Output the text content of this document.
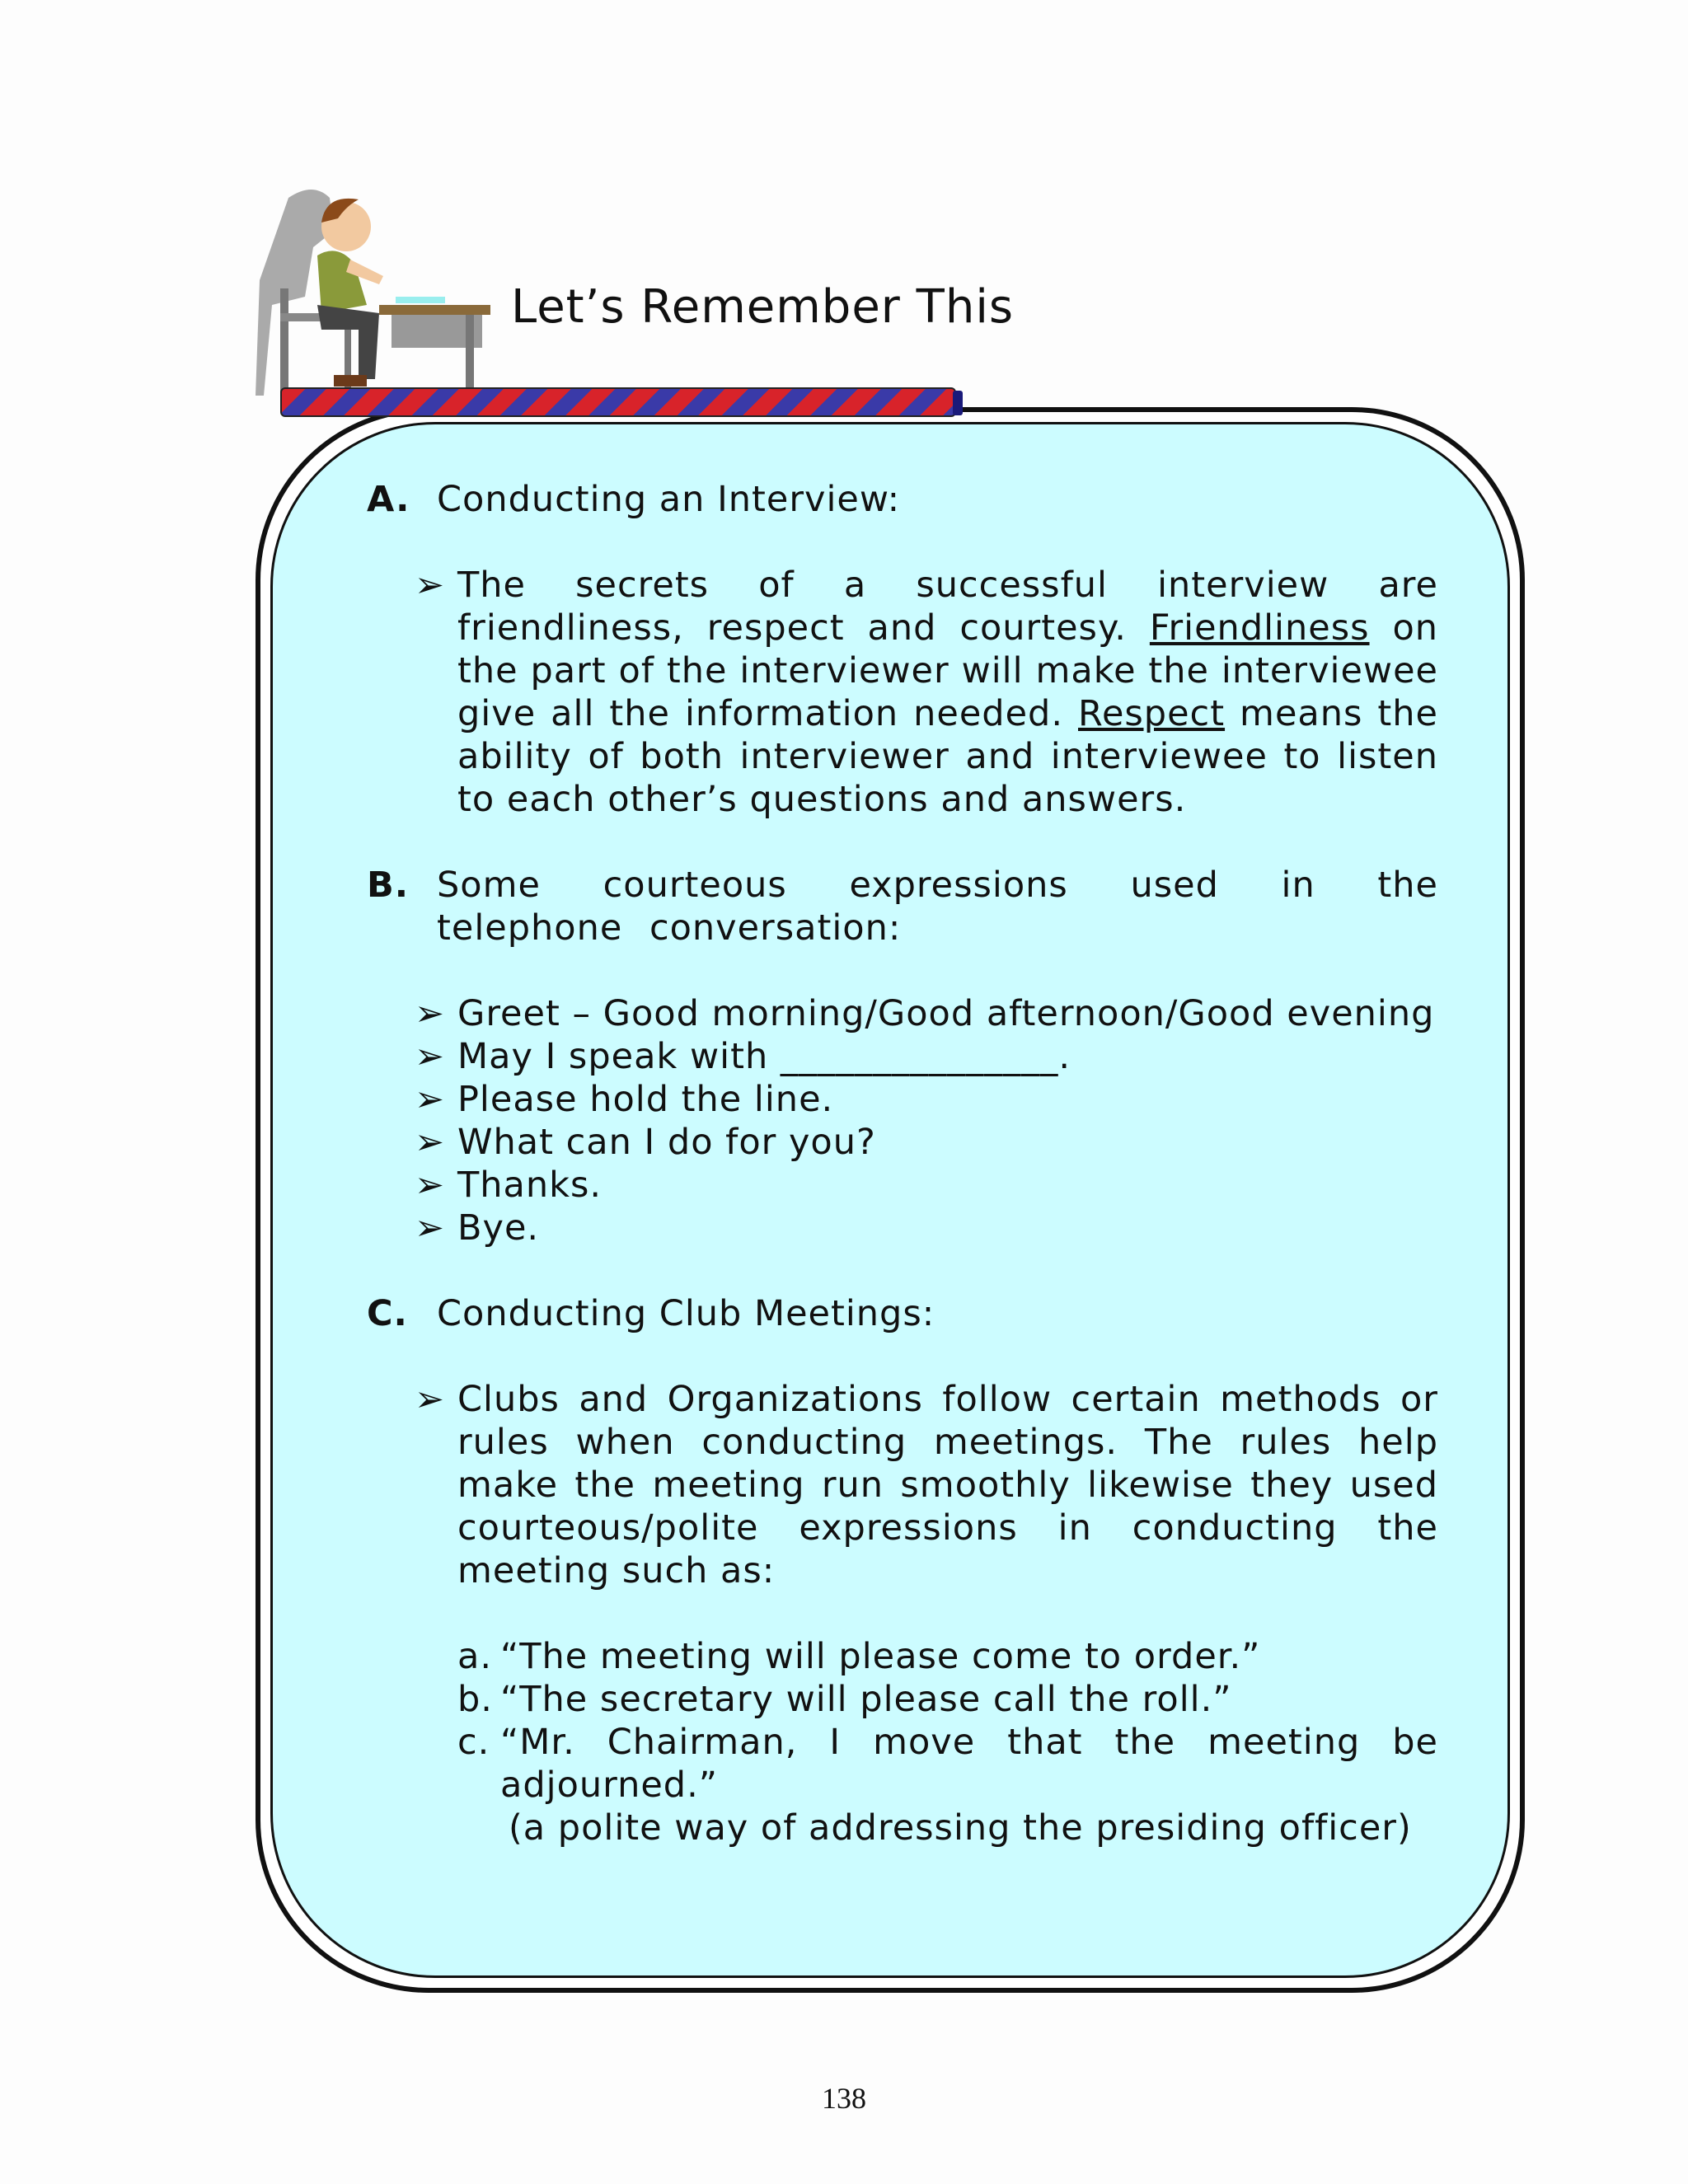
Let’s Remember This
A. Conducting an Interview:
➢ The secrets of a successful interview are friendliness, respect and courtesy. Friendliness on the part of the interviewer will make the interviewee give all the information needed. Respect means the ability of both interviewer and interviewee to listen to each other’s questions and answers.
B. Some courteous expressions used in the telephone conversation:
➢ Greet – Good morning/Good afternoon/Good evening
➢ May I speak with _______________.
➢ Please hold the line.
➢ What can I do for you?
➢ Thanks.
➢ Bye.
C. Conducting Club Meetings:
➢ Clubs and Organizations follow certain methods or rules when conducting meetings. The rules help make the meeting run smoothly likewise they used courteous/polite expressions in conducting the meeting such as:
a. “The meeting will please come to order.”
b. “The secretary will please call the roll.”
c. “Mr. Chairman, I move that the meeting be adjourned.”
(a polite way of addressing the presiding officer)
138
